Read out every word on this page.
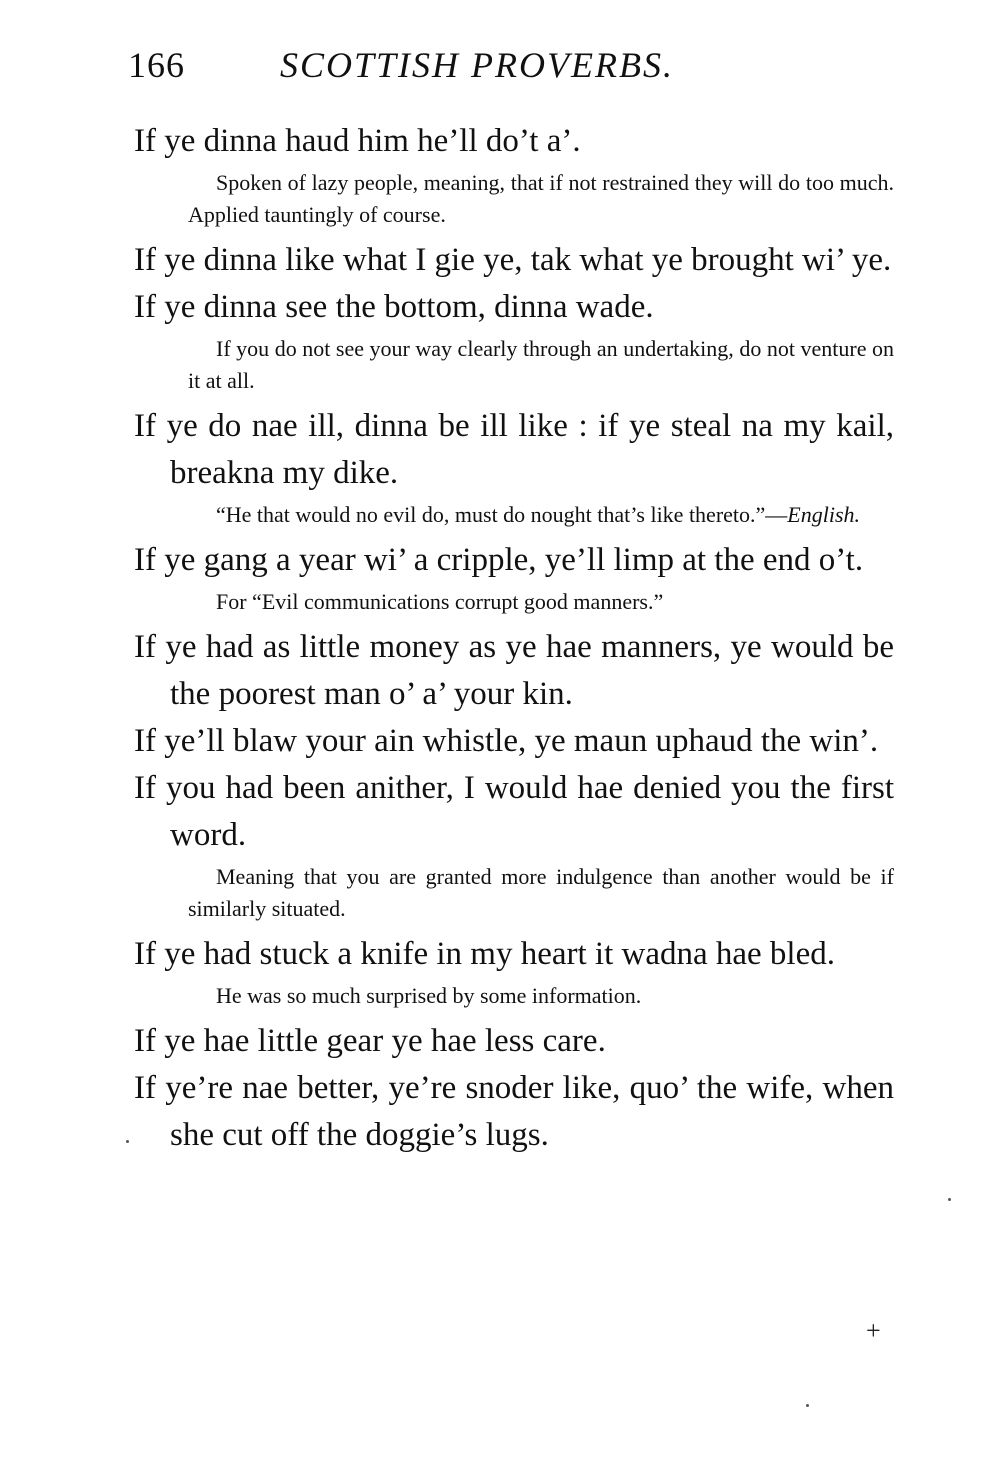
166	SCOTTISH PROVERBS.

If ye dinna haud him he’ll do’t a’.

Spoken of lazy people, meaning, that if not restrained they will do too much. Applied tauntingly of course.

If ye dinna like what I gie ye, tak what ye brought wi’ ye.

If ye dinna see the bottom, dinna wade.

If you do not see your way clearly through an undertaking, do not venture on it at all.

If ye do nae ill, dinna be ill like : if ye steal na my kail, breakna my dike.

“He that would no evil do, must do nought that’s like thereto.”—English.

If ye gang a year wi’ a cripple, ye’ll limp at the end o’t.

For “Evil communications corrupt good manners.”

If ye had as little money as ye hae manners, ye would be the poorest man o’ a’ your kin.

If ye’ll blaw your ain whistle, ye maun uphaud the win’.

If you had been anither, I would hae denied you the first word.

Meaning that you are granted more indulgence than another would be if similarly situated.

If ye had stuck a knife in my heart it wadna hae bled.

He was so much surprised by some information.

If ye hae little gear ye hae less care.

If ye’re nae better, ye’re snoder like, quo’ the wife, when she cut off the doggie’s lugs.

+
